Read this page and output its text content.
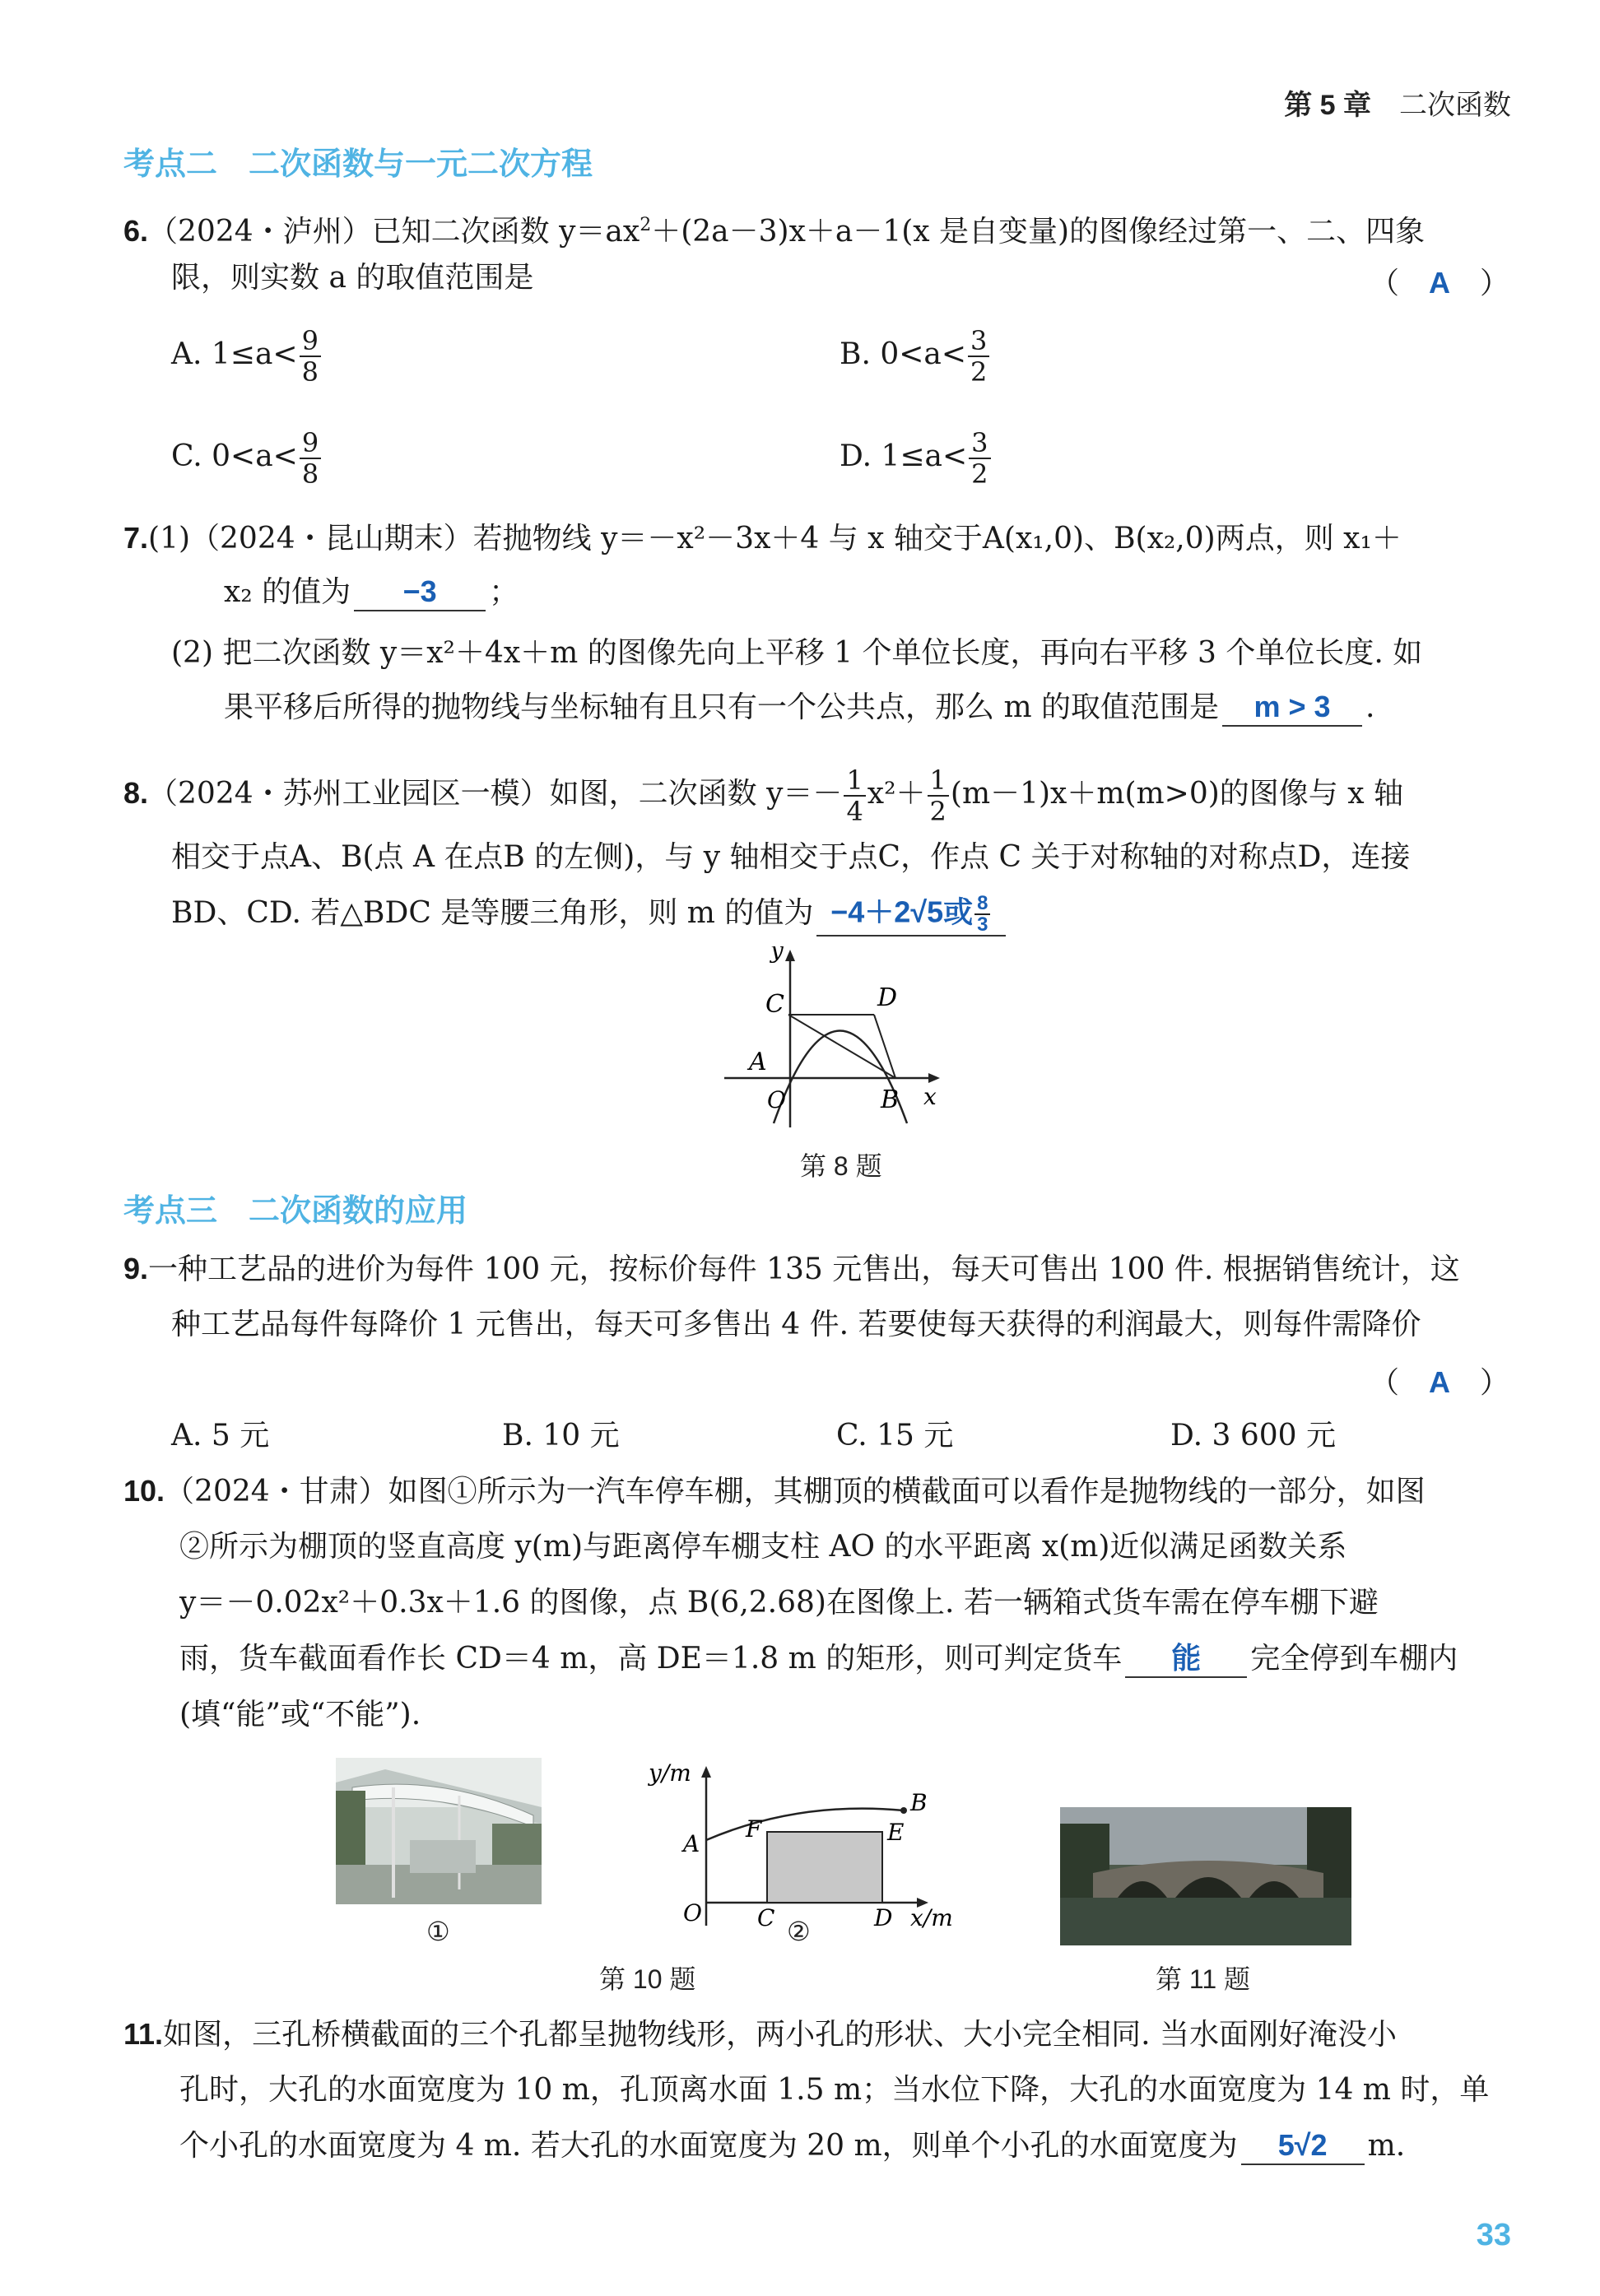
第 5 章　 二次函数
考点二　二次函数与一元二次方程
6.（2024・泸州）已知二次函数 $y=ax^2+(2a-3)x+a-1(x$ 是自变量)的图像经过第一、二、四象
限，则实数 a 的取值范围是	（　A　）
A. $1\le a< \frac{9}{8}$	B. $0<a< \frac{3}{2}$
C. $0<a< \frac{9}{8}$	D. $1\le a< \frac{3}{2}$
7.(1)（2024・昆山期末）若抛物线 y＝－x²－3x＋4 与 x 轴交于A(x₁,0)、B(x₂,0)两点，则 x₁＋
x₂ 的值为 −3 ；
(2) 把二次函数 y＝x²＋4x＋m 的图像先向上平移 1 个单位长度，再向右平移 3 个单位长度. 如
果平移后所得的抛物线与坐标轴有且只有一个公共点，那么 m 的取值范围是 m > 3 .
8.（2024・苏州工业园区一模）如图，二次函数 $y=- \frac{1}{4} x^2+ \frac{1}{2} (m-1)x+m(m>0)$的图像与 x 轴
相交于点A、B(点 A 在点B 的左侧)，与 y 轴相交于点C，作点 C 关于对称轴的对称点D，连接
BD、CD. 若△BDC 是等腰三角形，则 m 的值为 −4＋2√5或 $\frac{8}{3}$
y
C	D
A
O	B x
第 8 题
考点三　二次函数的应用
9.一种工艺品的进价为每件 100 元，按标价每件 135 元售出，每天可售出 100 件. 根据销售统计，这
种工艺品每件每降价 1 元售出，每天可多售出 4 件. 若要使每天获得的利润最大，则每件需降价
（　A　）
A. 5 元	B. 10 元	C. 15 元	D. 3 600 元
10.（2024・甘肃）如图①所示为一汽车停车棚，其棚顶的横截面可以看作是抛物线的一部分，如图
②所示为棚顶的竖直高度 y(m)与距离停车棚支柱 AO 的水平距离 x(m)近似满足函数关系
y＝－0.02x²＋0.3x＋1.6 的图像，点 B(6,2.68)在图像上. 若一辆箱式货车需在停车棚下避
雨，货车截面看作长 CD＝4 m，高 DE＝1.8 m 的矩形，则可判定货车 能 完全停到车棚内
(填“能”或“不能”).
①
y/m
A
B
F	E
O C	D x/m
②
第 10 题	第 11 题
11.如图，三孔桥横截面的三个孔都呈抛物线形，两小孔的形状、大小完全相同. 当水面刚好淹没小
孔时，大孔的水面宽度为 10 m，孔顶离水面 1.5 m；当水位下降，大孔的水面宽度为 14 m 时，单
个小孔的水面宽度为 4 m. 若大孔的水面宽度为 20 m，则单个小孔的水面宽度为 5√2 m.
33
